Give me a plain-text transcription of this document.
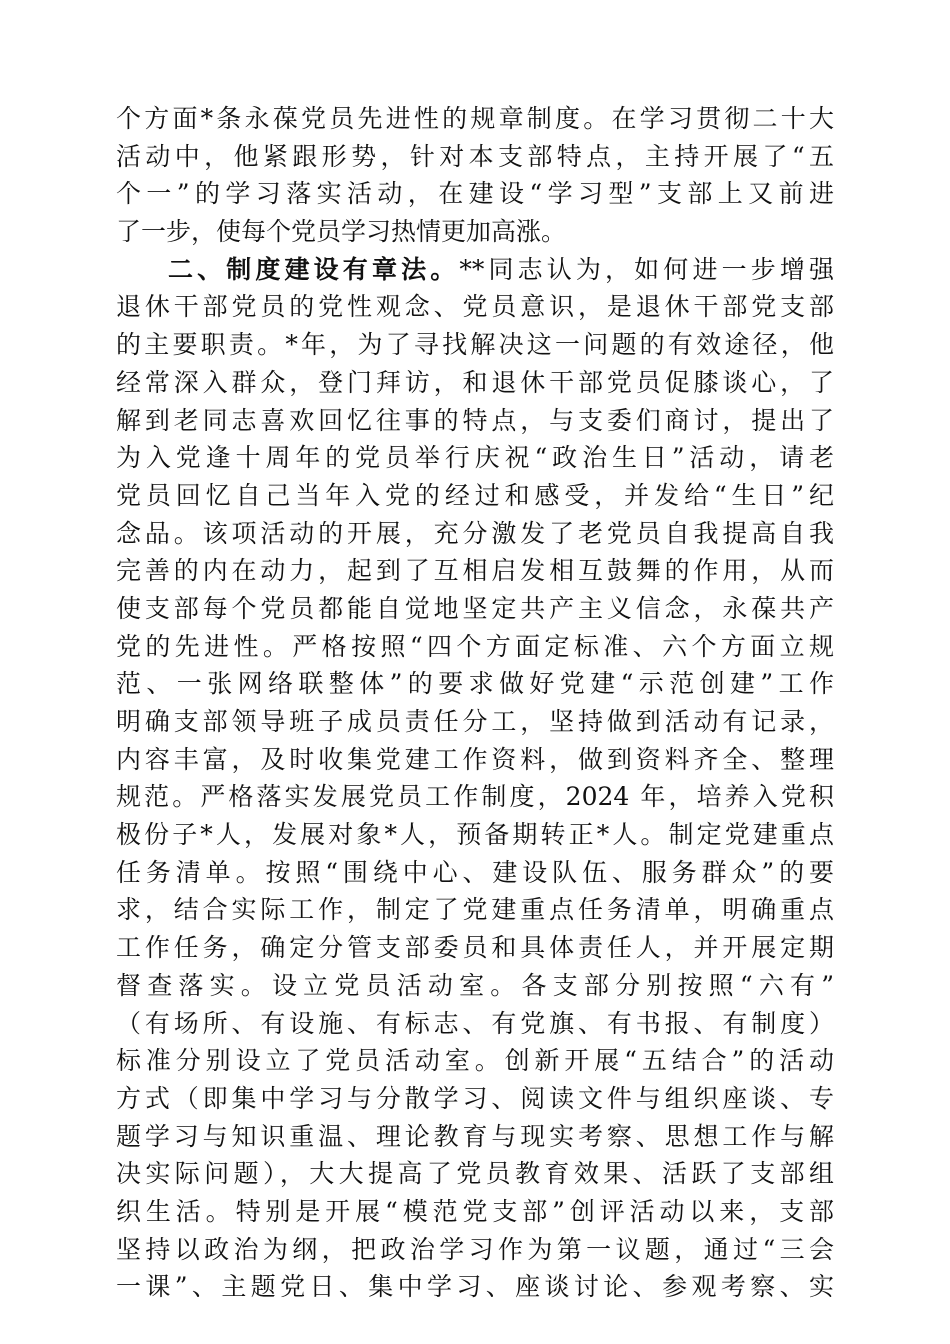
个方面*条永葆党员先进性的规章制度。在学习贯彻二十大
活动中，他紧跟形势，针对本支部特点，主持开展了“五
个一”的学习落实活动，在建设“学习型”支部上又前进
了一步，使每个党员学习热情更加高涨。
二、制度建设有章法。**同志认为，如何进一步增强
退休干部党员的党性观念、党员意识，是退休干部党支部
的主要职责。*年，为了寻找解决这一问题的有效途径，他
经常深入群众，登门拜访，和退休干部党员促膝谈心，了
解到老同志喜欢回忆往事的特点，与支委们商讨，提出了
为入党逢十周年的党员举行庆祝“政治生日”活动，请老
党员回忆自己当年入党的经过和感受，并发给“生日”纪
念品。该项活动的开展，充分激发了老党员自我提高自我
完善的内在动力，起到了互相启发相互鼓舞的作用，从而
使支部每个党员都能自觉地坚定共产主义信念，永葆共产
党的先进性。严格按照“四个方面定标准、六个方面立规
范、一张网络联整体”的要求做好党建“示范创建”工作
明确支部领导班子成员责任分工，坚持做到活动有记录，
内容丰富，及时收集党建工作资料，做到资料齐全、整理
规范。严格落实发展党员工作制度，2024 年，培养入党积
极份子*人，发展对象*人，预备期转正*人。制定党建重点
任务清单。按照“围绕中心、建设队伍、服务群众”的要
求，结合实际工作，制定了党建重点任务清单，明确重点
工作任务，确定分管支部委员和具体责任人，并开展定期
督查落实。设立党员活动室。各支部分别按照“六有”
（有场所、有设施、有标志、有党旗、有书报、有制度）
标准分别设立了党员活动室。创新开展“五结合”的活动
方式（即集中学习与分散学习、阅读文件与组织座谈、专
题学习与知识重温、理论教育与现实考察、思想工作与解
决实际问题），大大提高了党员教育效果、活跃了支部组
织生活。特别是开展“模范党支部”创评活动以来，支部
坚持以政治为纲，把政治学习作为第一议题，通过“三会
一课”、主题党日、集中学习、座谈讨论、参观考察、实
